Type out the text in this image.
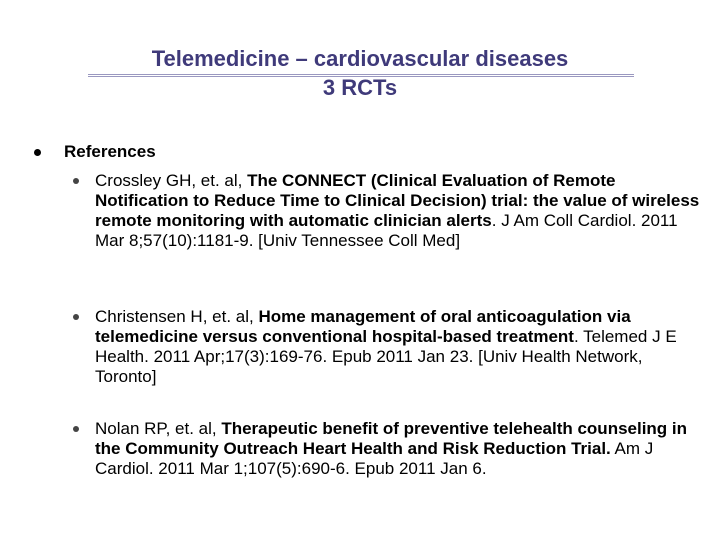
Telemedicine – cardiovascular diseases
3 RCTs
References
Crossley GH, et. al, The CONNECT (Clinical Evaluation of Remote Notification to Reduce Time to Clinical Decision) trial: the value of wireless remote monitoring with automatic clinician alerts. J Am Coll Cardiol. 2011 Mar 8;57(10):1181-9. [Univ Tennessee Coll Med]
Christensen H, et. al, Home management of oral anticoagulation via telemedicine versus conventional hospital-based treatment. Telemed J E Health. 2011 Apr;17(3):169-76. Epub 2011 Jan 23. [Univ Health Network, Toronto]
Nolan RP, et. al, Therapeutic benefit of preventive telehealth counseling in the Community Outreach Heart Health and Risk Reduction Trial. Am J Cardiol. 2011 Mar 1;107(5):690-6. Epub 2011 Jan 6.
